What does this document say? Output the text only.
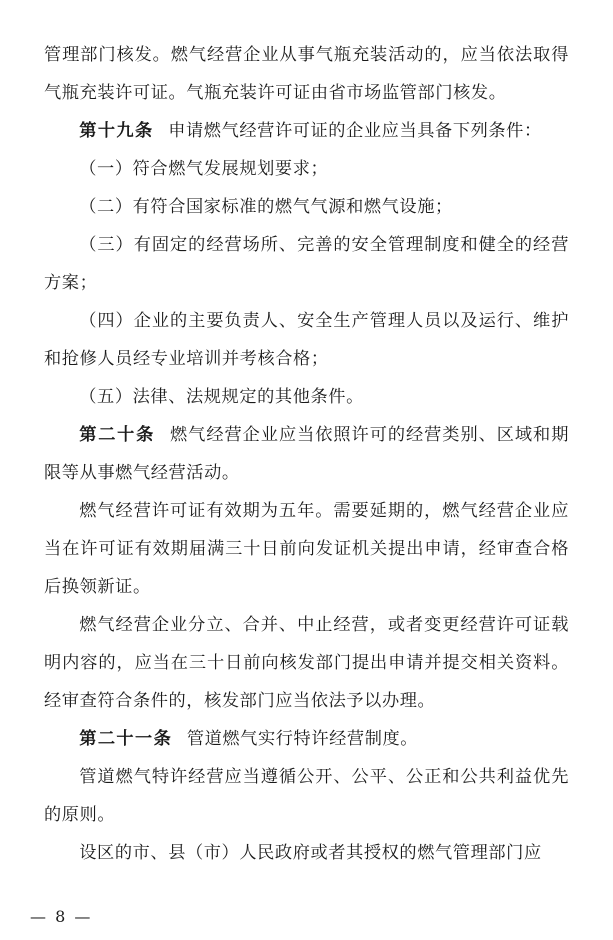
管理部门核发。燃气经营企业从事气瓶充装活动的，应当依法取得气瓶充装许可证。气瓶充装许可证由省市场监管部门核发。

第十九条 申请燃气经营许可证的企业应当具备下列条件：

（一）符合燃气发展规划要求；

（二）有符合国家标准的燃气气源和燃气设施；

（三）有固定的经营场所、完善的安全管理制度和健全的经营方案；

（四）企业的主要负责人、安全生产管理人员以及运行、维护和抢修人员经专业培训并考核合格；

（五）法律、法规规定的其他条件。

第二十条 燃气经营企业应当依照许可的经营类别、区域和期限等从事燃气经营活动。

燃气经营许可证有效期为五年。需要延期的，燃气经营企业应当在许可证有效期届满三十日前向发证机关提出申请，经审查合格后换领新证。

燃气经营企业分立、合并、中止经营，或者变更经营许可证载明内容的，应当在三十日前向核发部门提出申请并提交相关资料。经审查符合条件的，核发部门应当依法予以办理。

第二十一条 管道燃气实行特许经营制度。

管道燃气特许经营应当遵循公开、公平、公正和公共利益优先的原则。

设区的市、县（市）人民政府或者其授权的燃气管理部门应

— 8 —
